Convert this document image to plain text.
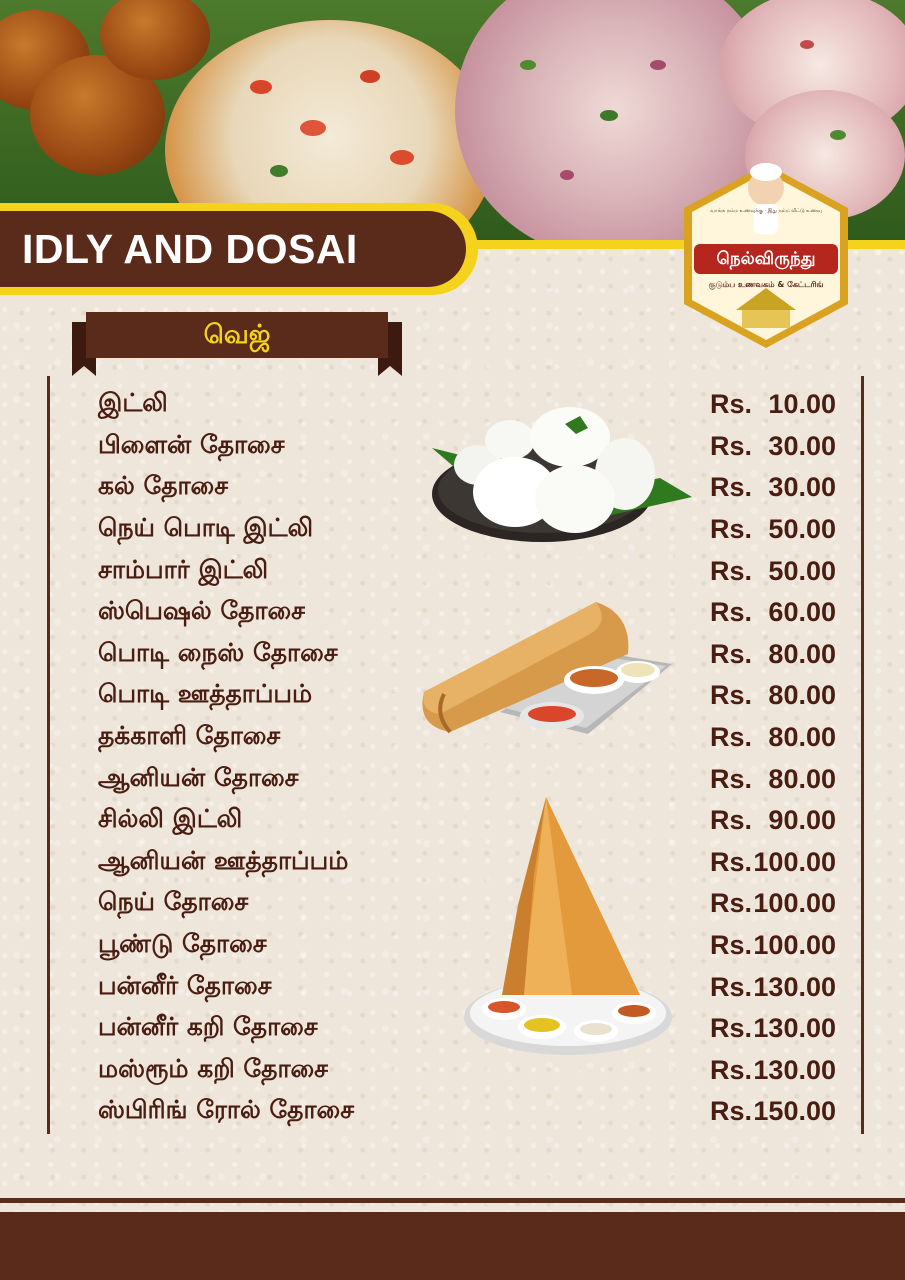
IDLY AND DOSAI
வாங்க நம்ம உணவுக்கு · இது நம்ம வீட்டு உணவு
நெல்விருந்து
குடும்ப உணவகம் & கேட்டரிங்
வெஜ்
இட்லி	Rs. 10.00
பிளைன் தோசை	Rs. 30.00
கல் தோசை	Rs. 30.00
நெய் பொடி இட்லி	Rs. 50.00
சாம்பார் இட்லி	Rs. 50.00
ஸ்பெஷல் தோசை	Rs. 60.00
பொடி நைஸ் தோசை	Rs. 80.00
பொடி ஊத்தாப்பம்	Rs. 80.00
தக்காளி தோசை	Rs. 80.00
ஆனியன் தோசை	Rs. 80.00
சில்லி இட்லி	Rs. 90.00
ஆனியன் ஊத்தாப்பம்	Rs. 100.00
நெய் தோசை	Rs. 100.00
பூண்டு தோசை	Rs. 100.00
பன்னீர் தோசை	Rs. 130.00
பன்னீர் கறி தோசை	Rs. 130.00
மஸ்ரூம் கறி தோசை	Rs. 130.00
ஸ்பிரிங் ரோல் தோசை	Rs. 150.00
